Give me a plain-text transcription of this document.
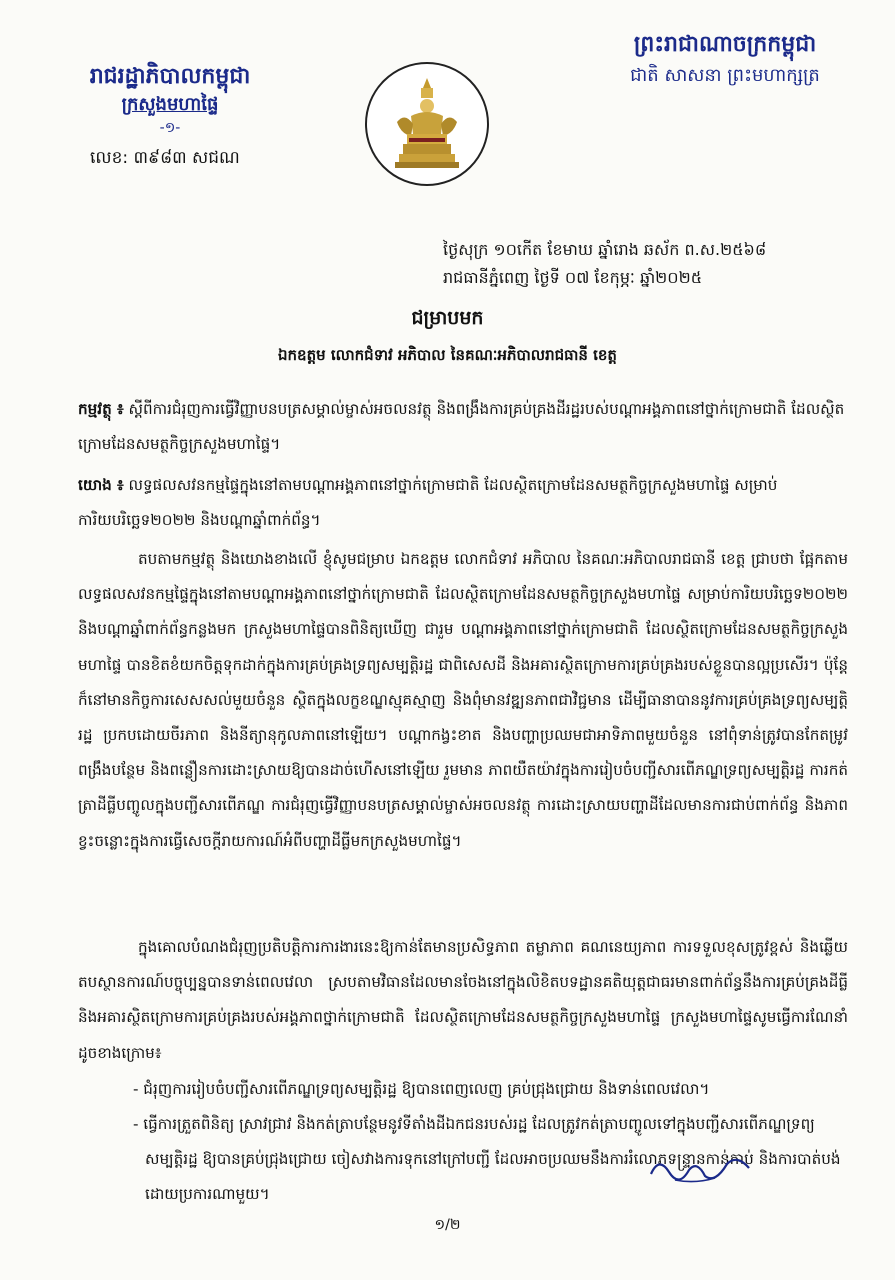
រាជរដ្ឋាភិបាលកម្ពុជា
ក្រសួងមហាផ្ទៃ
-១-
លេខ: ៣៩៨៣ សជណ
ព្រះរាជាណាចក្រកម្ពុជា
ជាតិ សាសនា ព្រះមហាក្សត្រ
ថ្ងៃសុក្រ ១០កើត ខែមាឃ ឆ្នាំរោង ឆស័ក ព.ស.២៥៦៨
រាជធានីភ្នំពេញ ថ្ងៃទី ០៧ ខែកុម្ភៈ ឆ្នាំ២០២៥
ជម្រាបមក
ឯកឧត្តម លោកជំទាវ អភិបាល នៃគណៈអភិបាលរាជធានី ខេត្ត
កម្មវត្ថុ ៖ ស្តីពីការជំរុញការធ្វើវិញ្ញាបនបត្រសម្គាល់ម្ចាស់អចលនវត្ថុ និងពង្រឹងការគ្រប់គ្រងដីរដ្ឋរបស់បណ្តាអង្គភាពនៅថ្នាក់ក្រោមជាតិ ដែលស្ថិតក្រោមដែនសមត្ថកិច្ចក្រសួងមហាផ្ទៃ។
យោង ៖ លទ្ធផលសវនកម្មផ្ទៃក្នុងនៅតាមបណ្តាអង្គភាពនៅថ្នាក់ក្រោមជាតិ ដែលស្ថិតក្រោមដែនសមត្ថកិច្ចក្រសួងមហាផ្ទៃ សម្រាប់ការិយបរិច្ឆេទ២០២២ និងបណ្តាឆ្នាំពាក់ព័ន្ធ។
តបតាមកម្មវត្ថុ និងយោងខាងលើ ខ្ញុំសូមជម្រាប ឯកឧត្តម លោកជំទាវ អភិបាល នៃគណៈអភិបាលរាជធានី ខេត្ត ជ្រាបថា ផ្អែកតាមលទ្ធផលសវនកម្មផ្ទៃក្នុងនៅតាមបណ្តាអង្គភាពនៅថ្នាក់ក្រោមជាតិ ដែលស្ថិតក្រោមដែនសមត្ថកិច្ចក្រសួងមហាផ្ទៃ សម្រាប់ការិយបរិច្ឆេទ២០២២ និងបណ្តាឆ្នាំពាក់ព័ន្ធកន្លងមក ក្រសួងមហាផ្ទៃបានពិនិត្យឃើញ ជារួម បណ្តាអង្គភាពនៅថ្នាក់ក្រោមជាតិ ដែលស្ថិតក្រោមដែនសមត្ថកិច្ចក្រសួងមហាផ្ទៃ បានខិតខំយកចិត្តទុកដាក់ក្នុងការគ្រប់គ្រងទ្រព្យសម្បត្តិរដ្ឋ ជាពិសេសដី និងអគារស្ថិតក្រោមការគ្រប់គ្រងរបស់ខ្លួនបានល្អប្រសើរ។ ប៉ុន្តែក៏នៅមានកិច្ចការសេសសល់មួយចំនួន ស្ថិតក្នុងលក្ខខណ្ឌស្មុគស្មាញ និងពុំមានវឌ្ឍនភាពជាវិជ្ជមាន ដើម្បីធានាបាននូវការគ្រប់គ្រងទ្រព្យសម្បត្តិរដ្ឋ ប្រកបដោយចីរភាព និងនីត្យានុកូលភាពនៅឡើយ។ បណ្តាកង្វះខាត និងបញ្ហាប្រឈមជាអាទិភាពមួយចំនួន នៅពុំទាន់ត្រូវបានកែតម្រូវ ពង្រឹងបន្ថែម និងពន្លឿនការដោះស្រាយឱ្យបានដាច់ហើសនៅឡើយ រួមមាន ភាពយឺតយ៉ាវក្នុងការរៀបចំបញ្ជីសារពើភណ្ឌទ្រព្យសម្បត្តិរដ្ឋ ការកត់ត្រាដីធ្លីបញ្ចូលក្នុងបញ្ជីសារពើភណ្ឌ ការជំរុញធ្វើវិញ្ញាបនបត្រសម្គាល់ម្ចាស់អចលនវត្ថុ ការដោះស្រាយបញ្ហាដីដែលមានការជាប់ពាក់ព័ន្ធ និងភាពខ្វះចន្លោះក្នុងការធ្វើសេចក្តីរាយការណ៍អំពីបញ្ហាដីធ្លីមកក្រសួងមហាផ្ទៃ។
ក្នុងគោលបំណងជំរុញប្រតិបត្តិការការងារនេះឱ្យកាន់តែមានប្រសិទ្ធភាព តម្លាភាព គណនេយ្យភាព ការទទួលខុសត្រូវខ្ពស់ និងឆ្លើយតបស្ថានការណ៍បច្ចុប្បន្នបានទាន់ពេលវេលា ស្របតាមវិធានដែលមានចែងនៅក្នុងលិខិតបទដ្ឋានគតិយុត្តជាធរមានពាក់ព័ន្ធនឹងការគ្រប់គ្រងដីធ្លី និងអគារស្ថិតក្រោមការគ្រប់គ្រងរបស់អង្គភាពថ្នាក់ក្រោមជាតិ ដែលស្ថិតក្រោមដែនសមត្ថកិច្ចក្រសួងមហាផ្ទៃ ក្រសួងមហាផ្ទៃសូមធ្វើការណែនាំដូចខាងក្រោម៖
- ជំរុញការរៀបចំបញ្ជីសារពើភណ្ឌទ្រព្យសម្បត្តិរដ្ឋ ឱ្យបានពេញលេញ គ្រប់ជ្រុងជ្រោយ និងទាន់ពេលវេលា។
- ធ្វើការត្រួតពិនិត្យ ស្រាវជ្រាវ និងកត់ត្រាបន្ថែមនូវទីតាំងដីឯកជនរបស់រដ្ឋ ដែលត្រូវកត់ត្រាបញ្ចូលទៅក្នុងបញ្ជីសារពើភណ្ឌទ្រព្យសម្បត្តិរដ្ឋ ឱ្យបានគ្រប់ជ្រុងជ្រោយ ចៀសវាងការទុកនៅក្រៅបញ្ជី ដែលអាចប្រឈមនឹងការរំលោភទន្ទ្រានកាន់កាប់ និងការបាត់បង់ដោយប្រការណាមួយ។
១/២
